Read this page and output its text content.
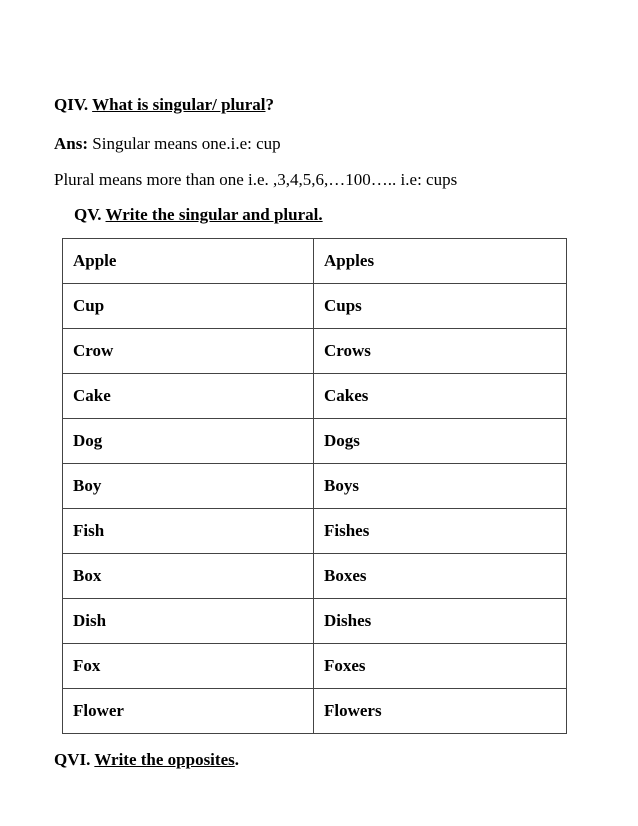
QIV. What is singular/ plural?
Ans: Singular means one.i.e: cup
Plural means more than one i.e. ,3,4,5,6,…100….. i.e: cups
QV. Write the singular and plural.
Apple	Apples
Cup	Cups
Crow	Crows
Cake	Cakes
Dog	Dogs
Boy	Boys
Fish	Fishes
Box	Boxes
Dish	Dishes
Fox	Foxes
Flower	Flowers
QVI. Write the opposites.
